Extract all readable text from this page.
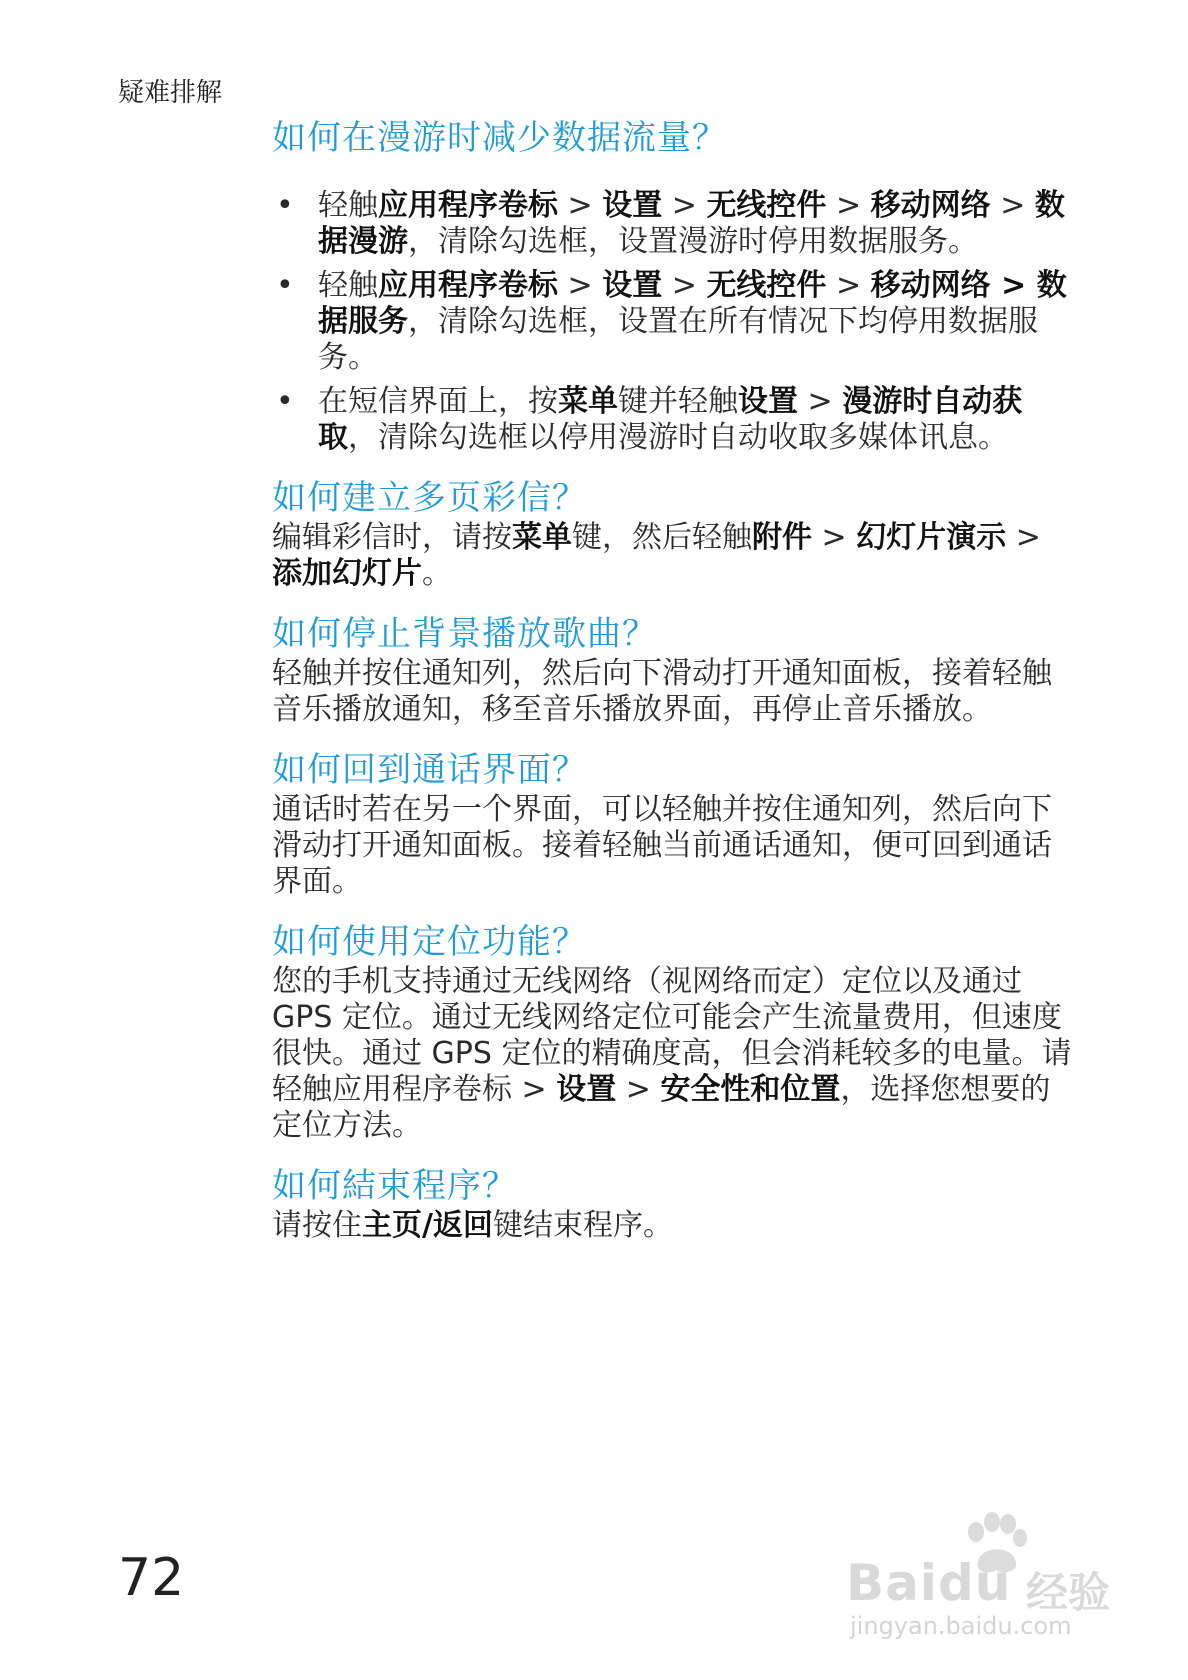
疑难排解
如何在漫游时减少数据流量？
• 轻触应用程序卷标 > 设置 > 无线控件 > 移动网络 > 数据漫游，清除勾选框，设置漫游时停用数据服务。
• 轻触应用程序卷标 > 设置 > 无线控件 > 移动网络 > 数据服务，清除勾选框，设置在所有情况下均停用数据服务。
• 在短信界面上，按菜单键并轻触设置 > 漫游时自动获取，清除勾选框以停用漫游时自动收取多媒体讯息。
如何建立多页彩信？

编辑彩信时，请按菜单键，然后轻触附件 > 幻灯片演示 > 添加幻灯片。

如何停止背景播放歌曲？

轻触并按住通知列，然后向下滑动打开通知面板，接着轻触音乐播放通知，移至音乐播放界面，再停止音乐播放。

如何回到通话界面？

通话时若在另一个界面，可以轻触并按住通知列，然后向下滑动打开通知面板。接着轻触当前通话通知，便可回到通话界面。

如何使用定位功能？

您的手机支持通过无线网络（视网络而定）定位以及通过 GPS 定位。通过无线网络定位可能会产生流量费用，但速度很快。通过 GPS 定位的精确度高，但会消耗较多的电量。请轻触应用程序卷标 > 设置 > 安全性和位置，选择您想要的定位方法。

如何結束程序？

请按住主页/返回键结束程序。

72	Baidu 经验
jingyan.baidu.com
